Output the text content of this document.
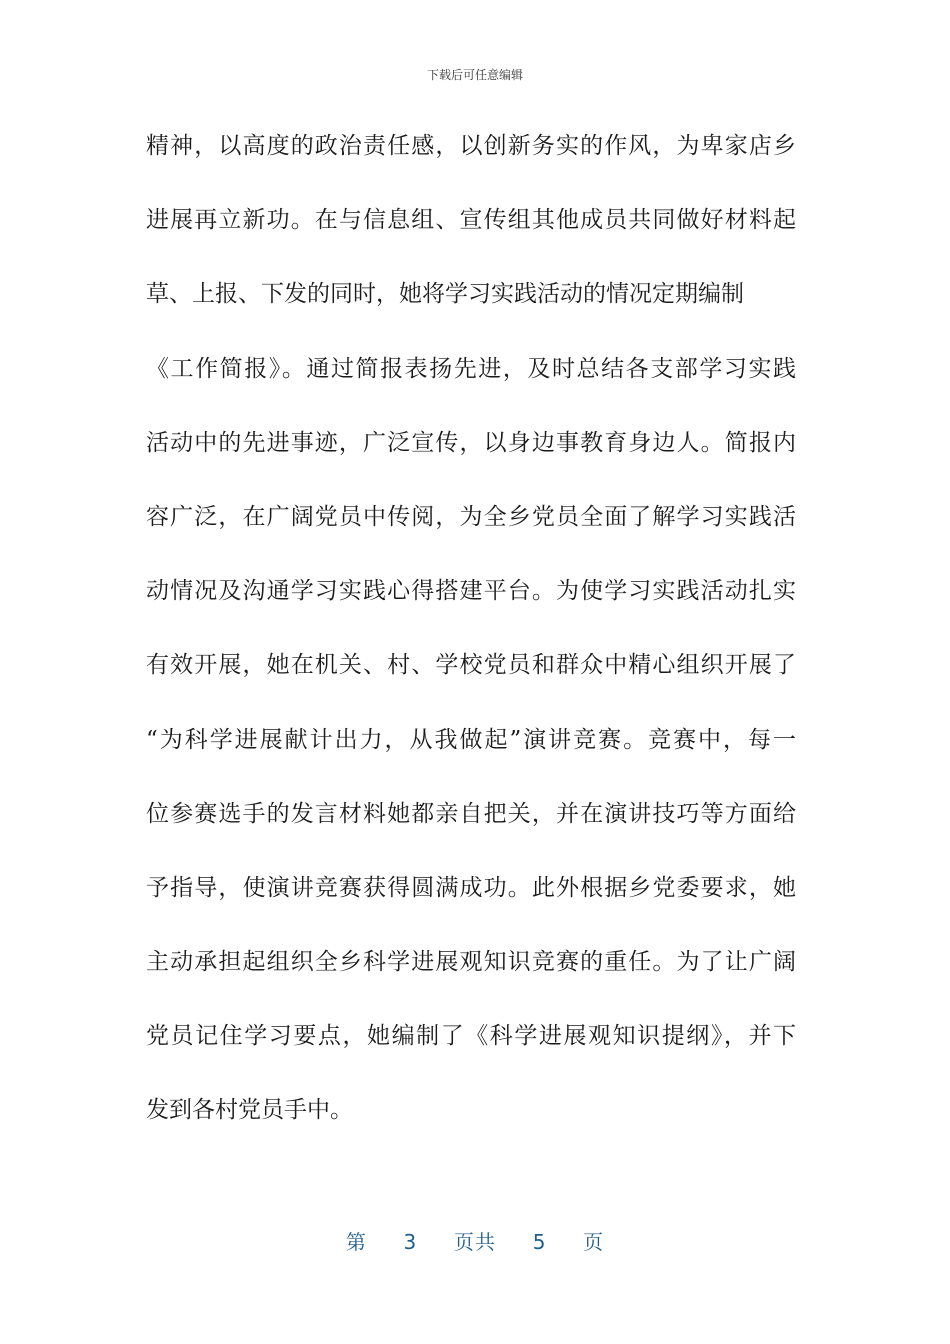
下载后可任意编辑
精神，以高度的政治责任感，以创新务实的作风，为卑家店乡
进展再立新功。在与信息组、宣传组其他成员共同做好材料起
草、上报、下发的同时，她将学习实践活动的情况定期编制
《工作简报》。通过简报表扬先进，及时总结各支部学习实践
活动中的先进事迹，广泛宣传，以身边事教育身边人。简报内
容广泛，在广阔党员中传阅，为全乡党员全面了解学习实践活
动情况及沟通学习实践心得搭建平台。为使学习实践活动扎实
有效开展，她在机关、村、学校党员和群众中精心组织开展了
“为科学进展献计出力，从我做起”演讲竞赛。竞赛中，每一
位参赛选手的发言材料她都亲自把关，并在演讲技巧等方面给
予指导，使演讲竞赛获得圆满成功。此外根据乡党委要求，她
主动承担起组织全乡科学进展观知识竞赛的重任。为了让广阔
党员记住学习要点，她编制了《科学进展观知识提纲》，并下
发到各村党员手中。
第 3 页共 5 页
